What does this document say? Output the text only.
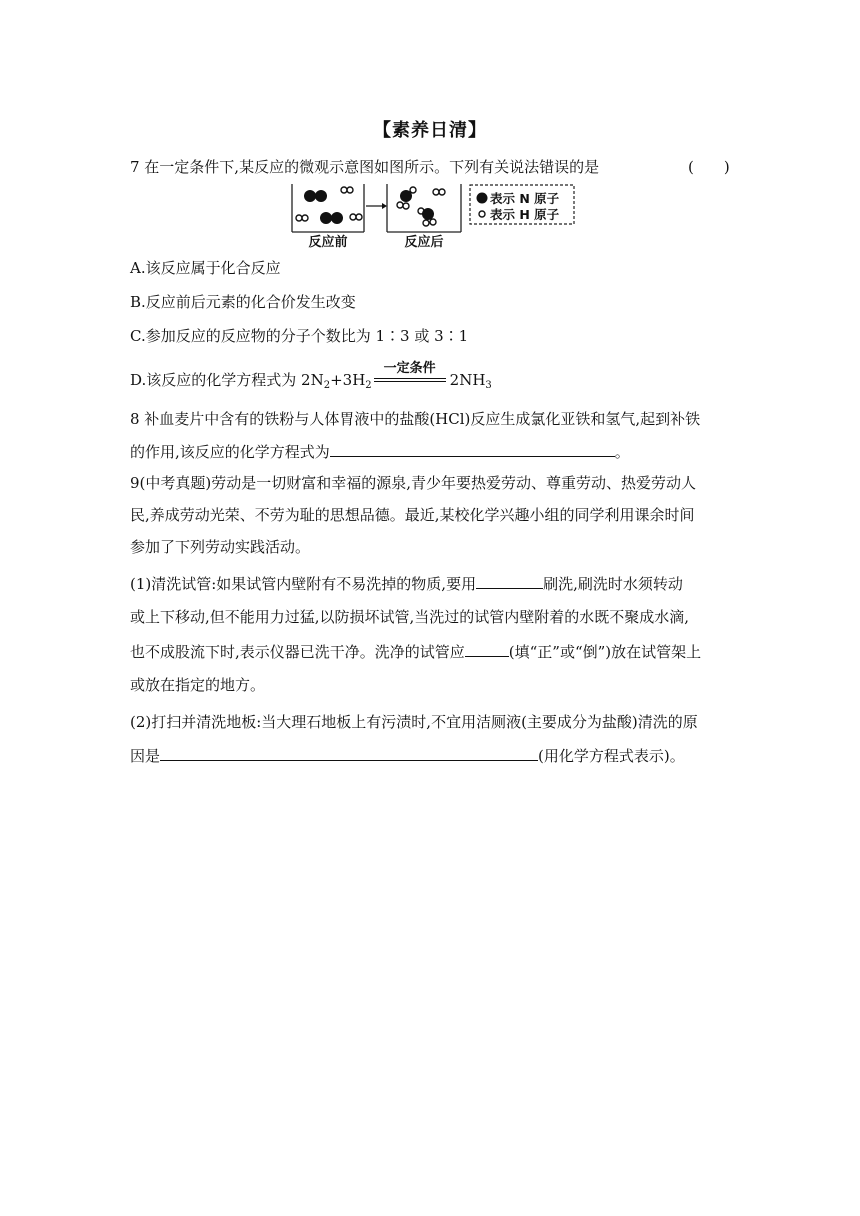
【素养日清】
7 在一定条件下,某反应的微观示意图如图所示。下列有关说法错误的是	(　　)
表示 N 原子
表示 H 原子
反应前	反应后
A.该反应属于化合反应
B.反应前后元素的化合价发生改变
C.参加反应的反应物的分子个数比为 1∶3 或 3∶1
D.该反应的化学方程式为 $2N_2+3H_2$
一定条件
$2NH_3$
8 补血麦片中含有的铁粉与人体胃液中的盐酸(HCl)反应生成氯化亚铁和氢气,起到补铁
的作用,该反应的化学方程式为	。
9(中考真题)劳动是一切财富和幸福的源泉,青少年要热爱劳动、尊重劳动、热爱劳动人
民,养成劳动光荣、不劳为耻的思想品德。最近,某校化学兴趣小组的同学利用课余时间
参加了下列劳动实践活动。
(1)清洗试管:如果试管内壁附有不易洗掉的物质,要用	刷洗,刷洗时水须转动
或上下移动,但不能用力过猛,以防损坏试管,当洗过的试管内壁附着的水既不聚成水滴,
也不成股流下时,表示仪器已洗干净。洗净的试管应	(填“正”或“倒”)放在试管架上
或放在指定的地方。
(2)打扫并清洗地板:当大理石地板上有污渍时,不宜用洁厕液(主要成分为盐酸)清洗的原
因是	(用化学方程式表示)。
